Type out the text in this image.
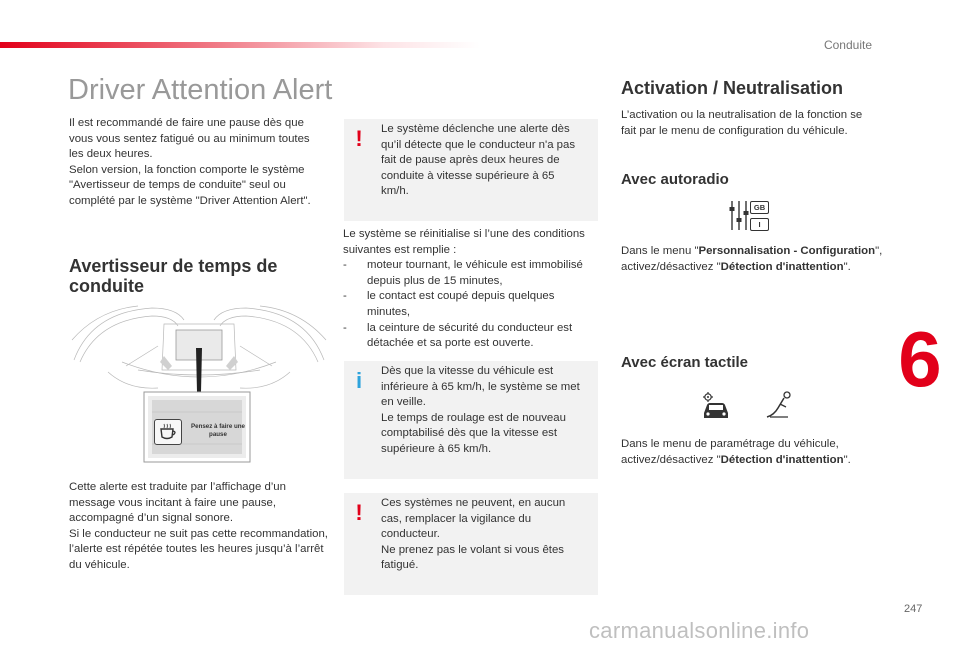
Conduite
6
247
Driver Attention Alert
Il est recommandé de faire une pause dès que vous vous sentez fatigué ou au minimum toutes les deux heures.
Selon version, la fonction comporte le système "Avertisseur de temps de conduite" seul ou complété par le système "Driver Attention Alert".
Avertisseur de temps de conduite
Pensez à faire une pause
Cette alerte est traduite par l’affichage d’un message vous incitant à faire une pause, accompagné d’un signal sonore.
Si le conducteur ne suit pas cette recommandation, l’alerte est répétée toutes les heures jusqu’à l’arrêt du véhicule.
!	Le système déclenche une alerte dès qu’il détecte que le conducteur n'a pas fait de pause après deux heures de conduite à vitesse supérieure à 65 km/h.
Le système se réinitialise si l’une des conditions suivantes est remplie :
- moteur tournant, le véhicule est immobilisé depuis plus de 15 minutes,
- le contact est coupé depuis quelques minutes,
- la ceinture de sécurité du conducteur est détachée et sa porte est ouverte.
i	Dès que la vitesse du véhicule est inférieure à 65 km/h, le système se met en veille.
Le temps de roulage est de nouveau comptabilisé dès que la vitesse est supérieure à 65 km/h.
!	Ces systèmes ne peuvent, en aucun cas, remplacer la vigilance du conducteur.
Ne prenez pas le volant si vous êtes fatigué.
Activation / Neutralisation
L’activation ou la neutralisation de la fonction se fait par le menu de configuration du véhicule.
Avec autoradio
GB
I
Dans le menu "Personnalisation - Configuration", activez/désactivez "Détection d'inattention".
Avec écran tactile
Dans le menu de paramétrage du véhicule, activez/désactivez "Détection d'inattention".
carmanualsonline.info
